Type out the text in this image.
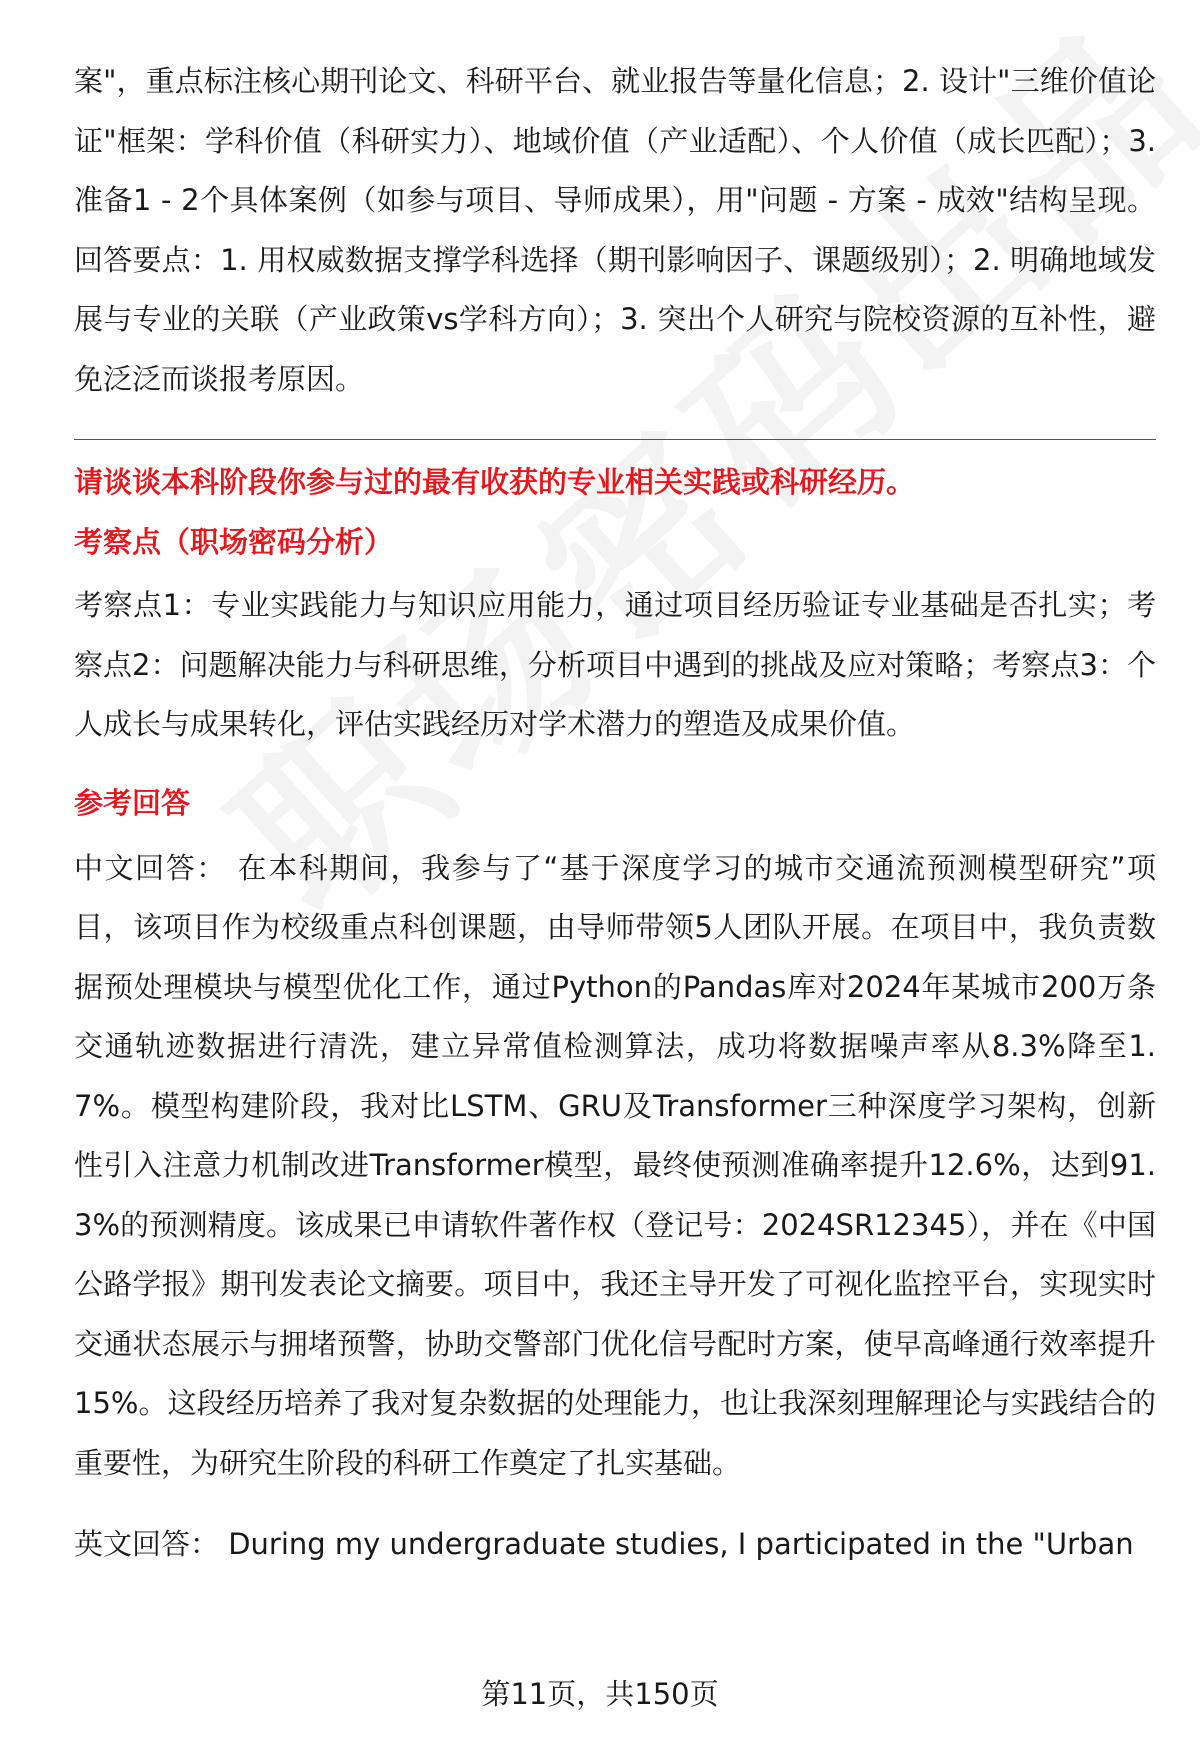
案"，重点标注核心期刊论文、科研平台、就业报告等量化信息；2. 设计"三维价值论证"框架：学科价值（科研实力）、地域价值（产业适配）、个人价值（成长匹配）；3. 准备1 - 2个具体案例（如参与项目、导师成果），用"问题 - 方案 - 成效"结构呈现。回答要点：1. 用权威数据支撑学科选择（期刊影响因子、课题级别）；2. 明确地域发展与专业的关联（产业政策vs学科方向）；3. 突出个人研究与院校资源的互补性，避免泛泛而谈报考原因。

请谈谈本科阶段你参与过的最有收获的专业相关实践或科研经历。

考察点（职场密码分析）

考察点1：专业实践能力与知识应用能力，通过项目经历验证专业基础是否扎实；考察点2：问题解决能力与科研思维，分析项目中遇到的挑战及应对策略；考察点3：个人成长与成果转化，评估实践经历对学术潜力的塑造及成果价值。

参考回答

中文回答： 在本科期间，我参与了“基于深度学习的城市交通流预测模型研究”项目，该项目作为校级重点科创课题，由导师带领5人团队开展。在项目中，我负责数据预处理模块与模型优化工作，通过Python的Pandas库对2024年某城市200万条交通轨迹数据进行清洗，建立异常值检测算法，成功将数据噪声率从8.3%降至1.7%。模型构建阶段，我对比LSTM、GRU及Transformer三种深度学习架构，创新性引入注意力机制改进Transformer模型，最终使预测准确率提升12.6%，达到91.3%的预测精度。该成果已申请软件著作权（登记号：2024SR12345），并在《中国公路学报》期刊发表论文摘要。项目中，我还主导开发了可视化监控平台，实现实时交通状态展示与拥堵预警，协助交警部门优化信号配时方案，使早高峰通行效率提升15%。这段经历培养了我对复杂数据的处理能力，也让我深刻理解理论与实践结合的重要性，为研究生阶段的科研工作奠定了扎实基础。

英文回答： During my undergraduate studies, I participated in the "Urban

第11页，共150页
